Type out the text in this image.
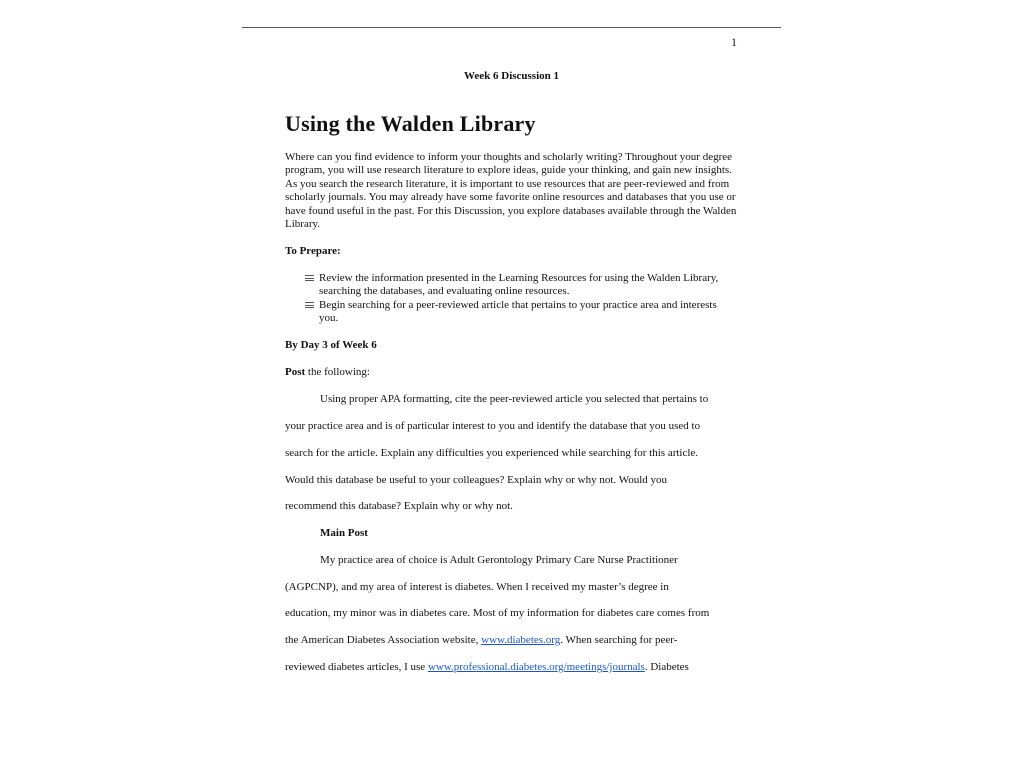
1
Week 6 Discussion 1
Using the Walden Library
Where can you find evidence to inform your thoughts and scholarly writing? Throughout your degree program, you will use research literature to explore ideas, guide your thinking, and gain new insights. As you search the research literature, it is important to use resources that are peer-reviewed and from scholarly journals. You may already have some favorite online resources and databases that you use or have found useful in the past. For this Discussion, you explore databases available through the Walden Library.
To Prepare:
Review the information presented in the Learning Resources for using the Walden Library, searching the databases, and evaluating online resources.
Begin searching for a peer-reviewed article that pertains to your practice area and interests you.
By Day 3 of Week 6
Post the following:
Using proper APA formatting, cite the peer-reviewed article you selected that pertains to
your practice area and is of particular interest to you and identify the database that you used to
search for the article. Explain any difficulties you experienced while searching for this article.
Would this database be useful to your colleagues? Explain why or why not. Would you
recommend this database? Explain why or why not.
Main Post
My practice area of choice is Adult Gerontology Primary Care Nurse Practitioner
(AGPCNP), and my area of interest is diabetes. When I received my master’s degree in
education, my minor was in diabetes care. Most of my information for diabetes care comes from
the American Diabetes Association website, www.diabetes.org. When searching for peer-
reviewed diabetes articles, I use www.professional.diabetes.org/meetings/journals. Diabetes
